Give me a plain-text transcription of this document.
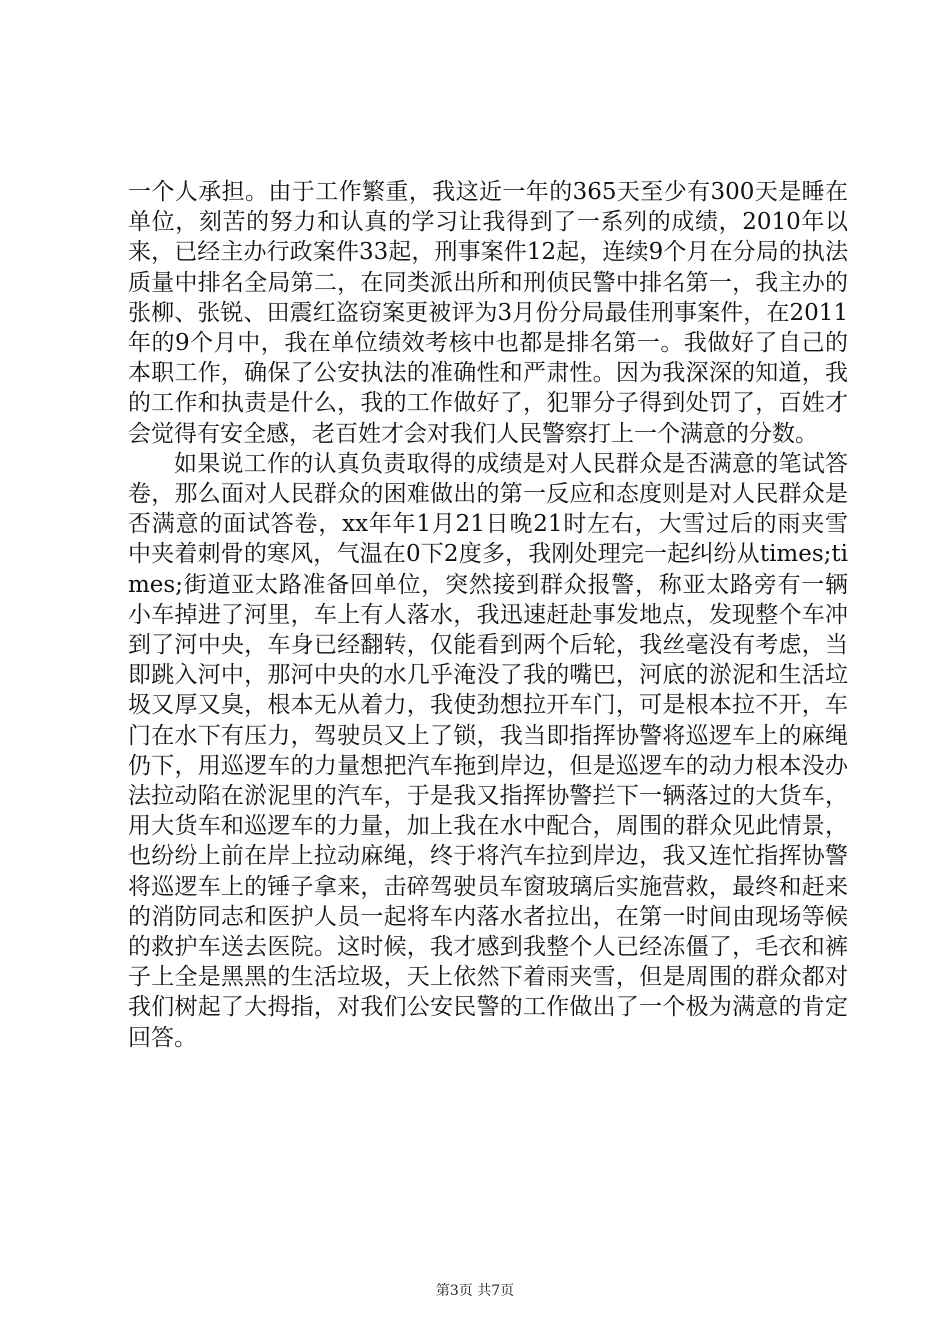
一个人承担。由于工作繁重，我这近一年的365天至少有300天是睡在单位，刻苦的努力和认真的学习让我得到了一系列的成绩，2010年以来，已经主办行政案件33起，刑事案件12起，连续9个月在分局的执法质量中排名全局第二，在同类派出所和刑侦民警中排名第一，我主办的张柳、张锐、田震红盗窃案更被评为3月份分局最佳刑事案件，在2011年的9个月中，我在单位绩效考核中也都是排名第一。我做好了自己的本职工作，确保了公安执法的准确性和严肃性。因为我深深的知道，我的工作和执责是什么，我的工作做好了，犯罪分子得到处罚了，百姓才会觉得有安全感，老百姓才会对我们人民警察打上一个满意的分数。

如果说工作的认真负责取得的成绩是对人民群众是否满意的笔试答卷，那么面对人民群众的困难做出的第一反应和态度则是对人民群众是否满意的面试答卷，xx年年1月21日晚21时左右，大雪过后的雨夹雪中夹着刺骨的寒风，气温在0下2度多，我刚处理完一起纠纷从times;times;街道亚太路准备回单位，突然接到群众报警，称亚太路旁有一辆小车掉进了河里，车上有人落水，我迅速赶赴事发地点，发现整个车冲到了河中央，车身已经翻转，仅能看到两个后轮，我丝毫没有考虑，当即跳入河中，那河中央的水几乎淹没了我的嘴巴，河底的淤泥和生活垃圾又厚又臭，根本无从着力，我使劲想拉开车门，可是根本拉不开，车门在水下有压力，驾驶员又上了锁，我当即指挥协警将巡逻车上的麻绳仍下，用巡逻车的力量想把汽车拖到岸边，但是巡逻车的动力根本没办法拉动陷在淤泥里的汽车，于是我又指挥协警拦下一辆落过的大货车，用大货车和巡逻车的力量，加上我在水中配合，周围的群众见此情景，也纷纷上前在岸上拉动麻绳，终于将汽车拉到岸边，我又连忙指挥协警将巡逻车上的锤子拿来，击碎驾驶员车窗玻璃后实施营救，最终和赶来的消防同志和医护人员一起将车内落水者拉出，在第一时间由现场等候的救护车送去医院。这时候，我才感到我整个人已经冻僵了，毛衣和裤子上全是黑黑的生活垃圾，天上依然下着雨夹雪，但是周围的群众都对我们树起了大拇指，对我们公安民警的工作做出了一个极为满意的肯定回答。

第3页 共7页
